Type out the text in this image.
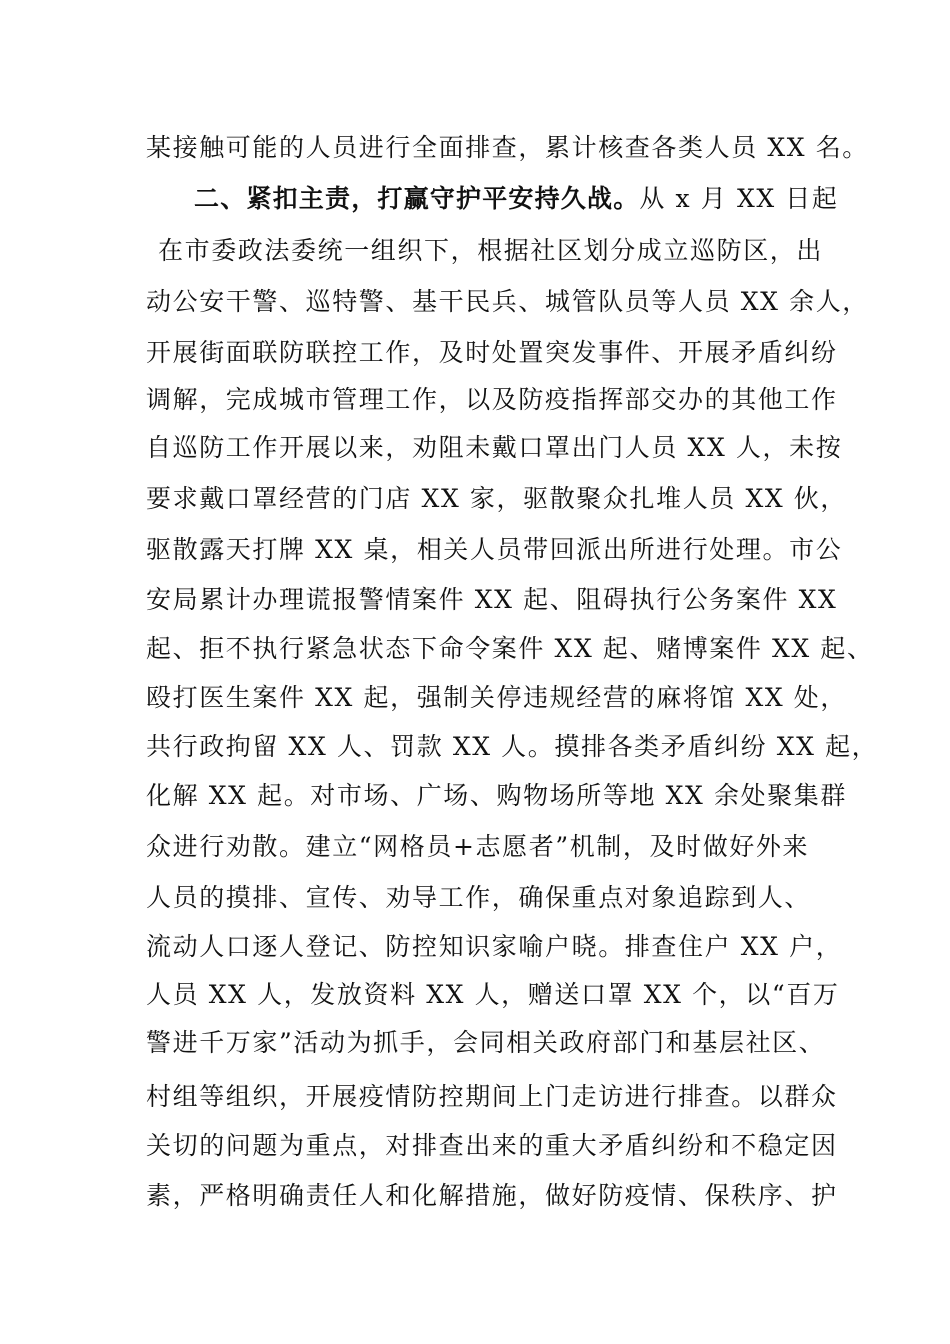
某接触可能的人员进行全面排查，累计核查各类人员 XX 名。
二、紧扣主责，打赢守护平安持久战。从 x 月 XX 日起
在市委政法委统一组织下，根据社区划分成立巡防区，出
动公安干警、巡特警、基干民兵、城管队员等人员 XX 余人，
开展街面联防联控工作，及时处置突发事件、开展矛盾纠纷
调解，完成城市管理工作，以及防疫指挥部交办的其他工作
自巡防工作开展以来，劝阻未戴口罩出门人员 XX 人，未按
要求戴口罩经营的门店 XX 家，驱散聚众扎堆人员 XX 伙，
驱散露天打牌 XX 桌，相关人员带回派出所进行处理。市公
安局累计办理谎报警情案件 XX 起、阻碍执行公务案件 XX
起、拒不执行紧急状态下命令案件 XX 起、赌博案件 XX 起、
殴打医生案件 XX 起，强制关停违规经营的麻将馆 XX 处，
共行政拘留 XX 人、罚款 XX 人。摸排各类矛盾纠纷 XX 起，
化解 XX 起。对市场、广场、购物场所等地 XX 余处聚集群
众进行劝散。建立“网格员+志愿者”机制，及时做好外来
人员的摸排、宣传、劝导工作，确保重点对象追踪到人、
流动人口逐人登记、防控知识家喻户晓。排查住户 XX 户，
人员 XX 人，发放资料 XX 人，赠送口罩 XX 个，以“百万
警进千万家”活动为抓手，会同相关政府部门和基层社区、
村组等组织，开展疫情防控期间上门走访进行排查。以群众
关切的问题为重点，对排查出来的重大矛盾纠纷和不稳定因
素，严格明确责任人和化解措施，做好防疫情、保秩序、护
